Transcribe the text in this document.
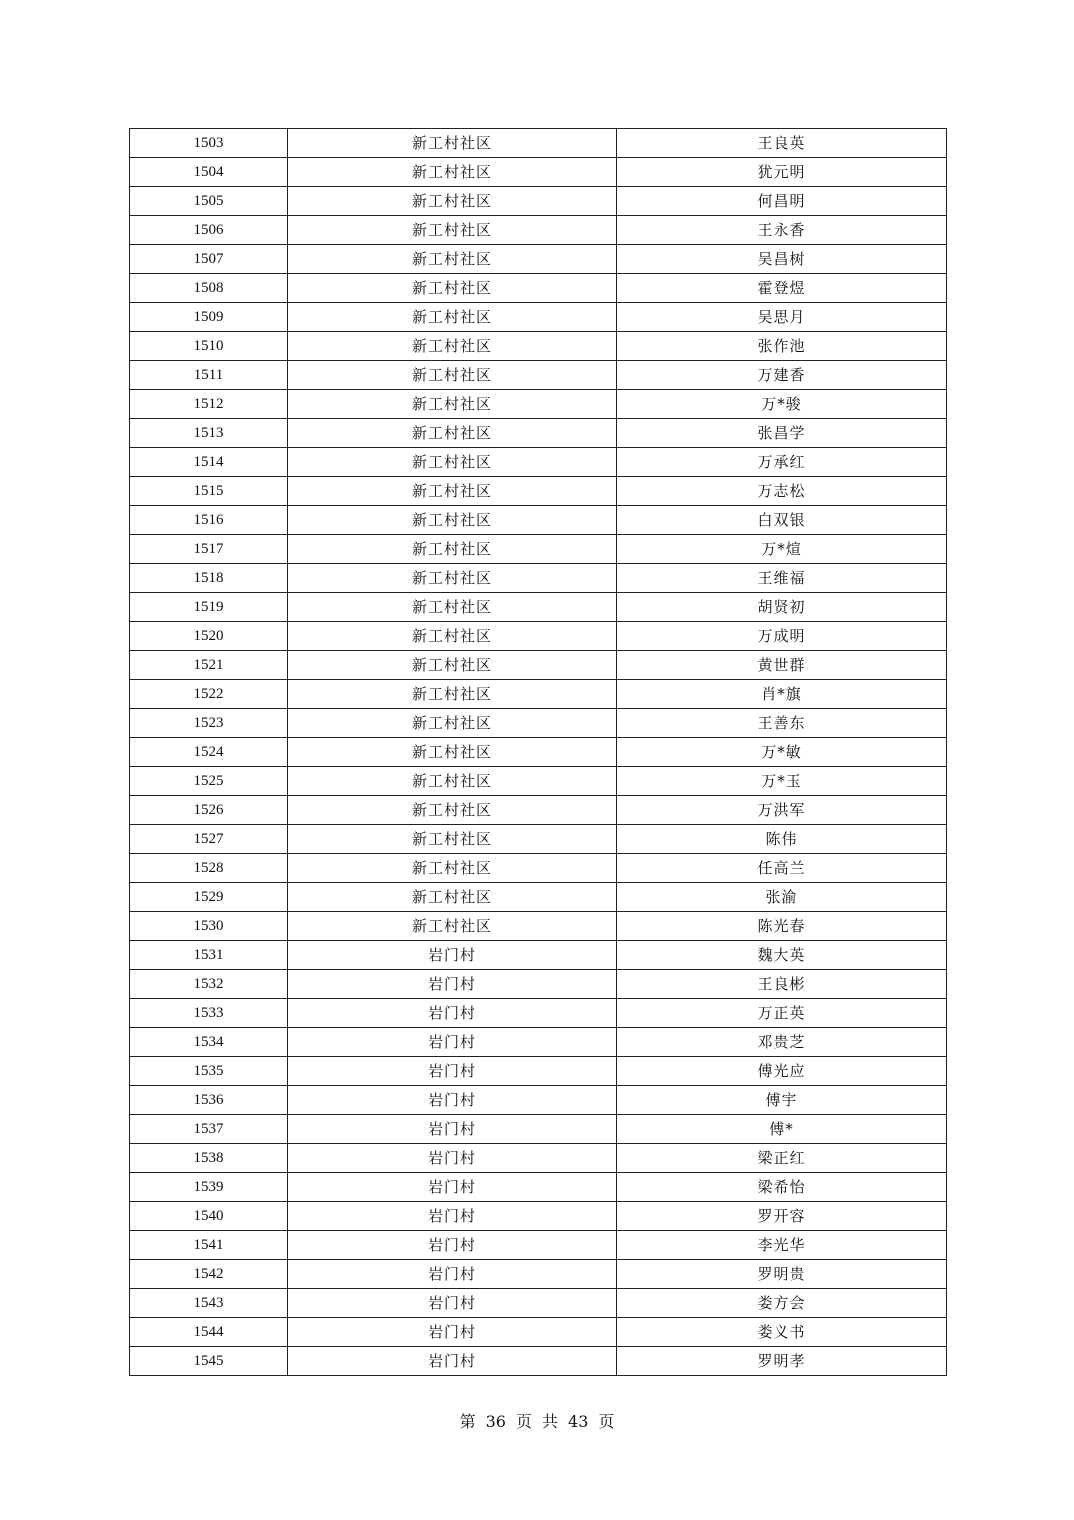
1503	新工村社区	王良英
1504	新工村社区	犹元明
1505	新工村社区	何昌明
1506	新工村社区	王永香
1507	新工村社区	吴昌树
1508	新工村社区	霍登煜
1509	新工村社区	吴思月
1510	新工村社区	张作池
1511	新工村社区	万建香
1512	新工村社区	万*骏
1513	新工村社区	张昌学
1514	新工村社区	万承红
1515	新工村社区	万志松
1516	新工村社区	白双银
1517	新工村社区	万*煊
1518	新工村社区	王维福
1519	新工村社区	胡贤初
1520	新工村社区	万成明
1521	新工村社区	黄世群
1522	新工村社区	肖*旗
1523	新工村社区	王善东
1524	新工村社区	万*敏
1525	新工村社区	万*玉
1526	新工村社区	万洪军
1527	新工村社区	陈伟
1528	新工村社区	任高兰
1529	新工村社区	张渝
1530	新工村社区	陈光春
1531	岩门村	魏大英
1532	岩门村	王良彬
1533	岩门村	万正英
1534	岩门村	邓贵芝
1535	岩门村	傅光应
1536	岩门村	傅宇
1537	岩门村	傅*
1538	岩门村	梁正红
1539	岩门村	梁希怡
1540	岩门村	罗开容
1541	岩门村	李光华
1542	岩门村	罗明贵
1543	岩门村	娄方会
1544	岩门村	娄义书
1545	岩门村	罗明孝
第 36 页 共 43 页
